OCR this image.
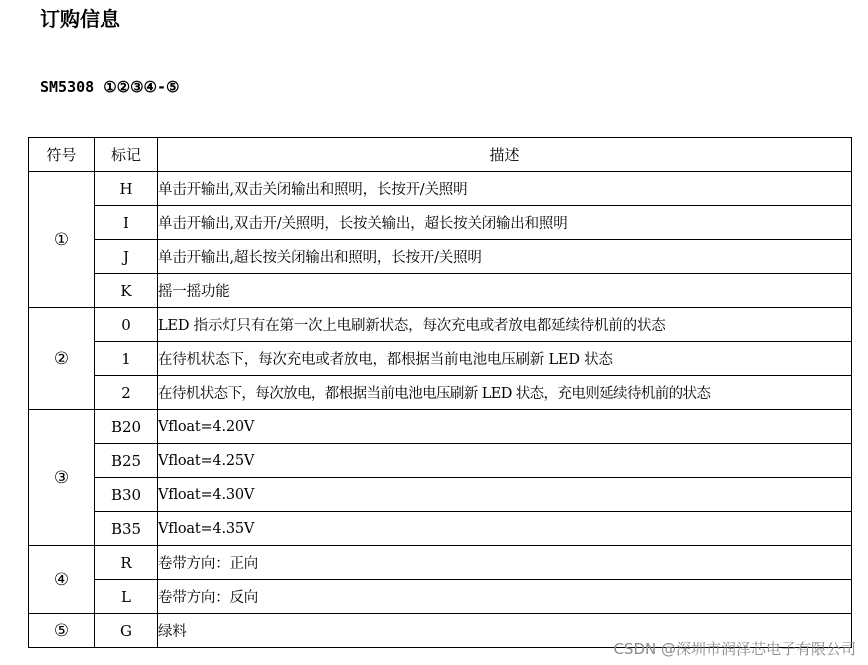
订购信息
SM5308 ①②③④-⑤
符号	标记	描述
①	H	单击开输出,双击关闭输出和照明，长按开/关照明
	I	单击开输出,双击开/关照明，长按关输出，超长按关闭输出和照明
	J	单击开输出,超长按关闭输出和照明，长按开/关照明
	K	摇一摇功能
②	0	LED 指示灯只有在第一次上电刷新状态，每次充电或者放电都延续待机前的状态
	1	在待机状态下，每次充电或者放电，都根据当前电池电压刷新 LED 状态
	2	在待机状态下，每次放电，都根据当前电池电压刷新 LED 状态，充电则延续待机前的状态
③	B20	Vfloat=4.20V
	B25	Vfloat=4.25V
	B30	Vfloat=4.30V
	B35	Vfloat=4.35V
④	R	卷带方向：正向
	L	卷带方向：反向
⑤	G	绿料
CSDN @深圳市润泽芯电子有限公司
